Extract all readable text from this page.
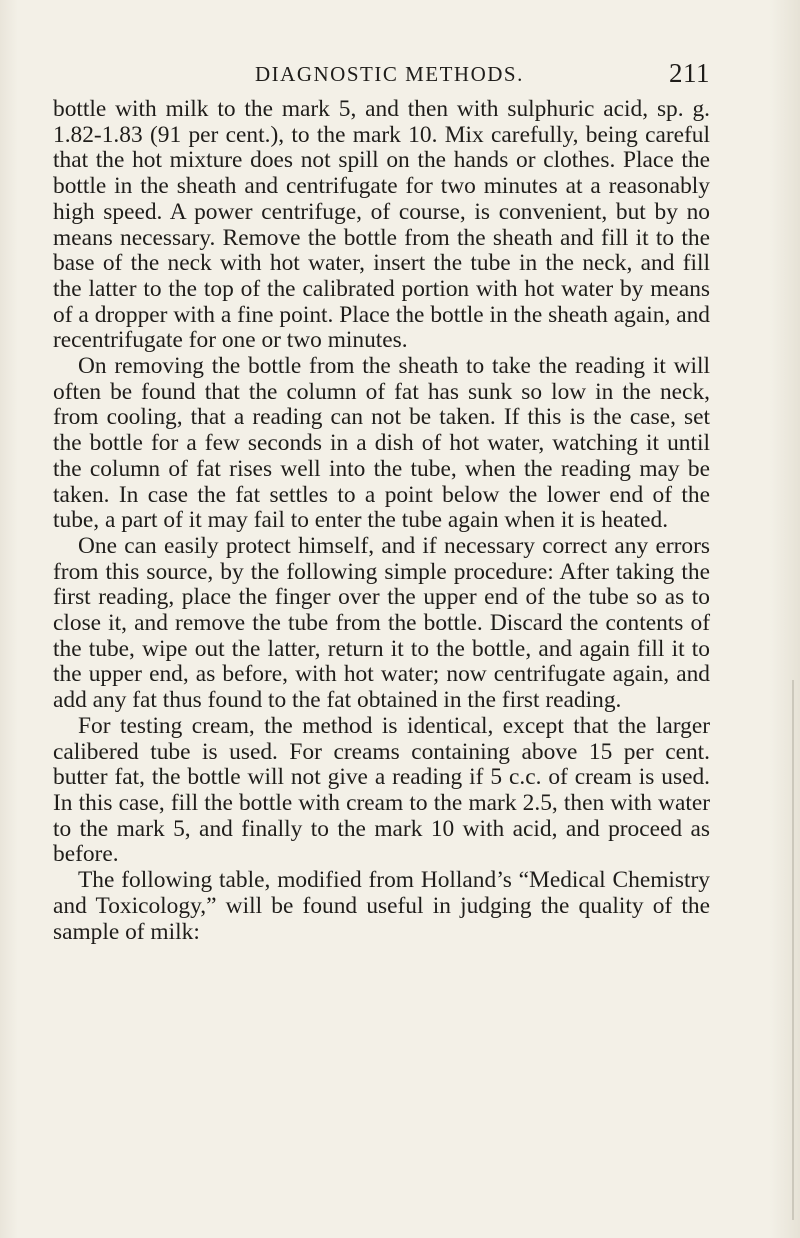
DIAGNOSTIC METHODS.	211

bottle with milk to the mark 5, and then with sulphuric acid, sp. g. 1.82-1.83 (91 per cent.), to the mark 10. Mix carefully, being careful that the hot mixture does not spill on the hands or clothes. Place the bottle in the sheath and centrifugate for two minutes at a reasonably high speed. A power centrifuge, of course, is convenient, but by no means necessary. Remove the bottle from the sheath and fill it to the base of the neck with hot water, insert the tube in the neck, and fill the latter to the top of the calibrated portion with hot water by means of a dropper with a fine point. Place the bottle in the sheath again, and recentrifugate for one or two minutes.

On removing the bottle from the sheath to take the reading it will often be found that the column of fat has sunk so low in the neck, from cooling, that a reading can not be taken. If this is the case, set the bottle for a few seconds in a dish of hot water, watching it until the column of fat rises well into the tube, when the reading may be taken. In case the fat settles to a point below the lower end of the tube, a part of it may fail to enter the tube again when it is heated.

One can easily protect himself, and if necessary correct any errors from this source, by the following simple procedure: After taking the first reading, place the finger over the upper end of the tube so as to close it, and remove the tube from the bottle. Discard the contents of the tube, wipe out the latter, return it to the bottle, and again fill it to the upper end, as before, with hot water; now centrifugate again, and add any fat thus found to the fat obtained in the first reading.

For testing cream, the method is identical, except that the larger calibered tube is used. For creams containing above 15 per cent. butter fat, the bottle will not give a reading if 5 c.c. of cream is used. In this case, fill the bottle with cream to the mark 2.5, then with water to the mark 5, and finally to the mark 10 with acid, and proceed as before.

The following table, modified from Holland’s “Medical Chemistry and Toxicology,” will be found useful in judging the quality of the sample of milk:
